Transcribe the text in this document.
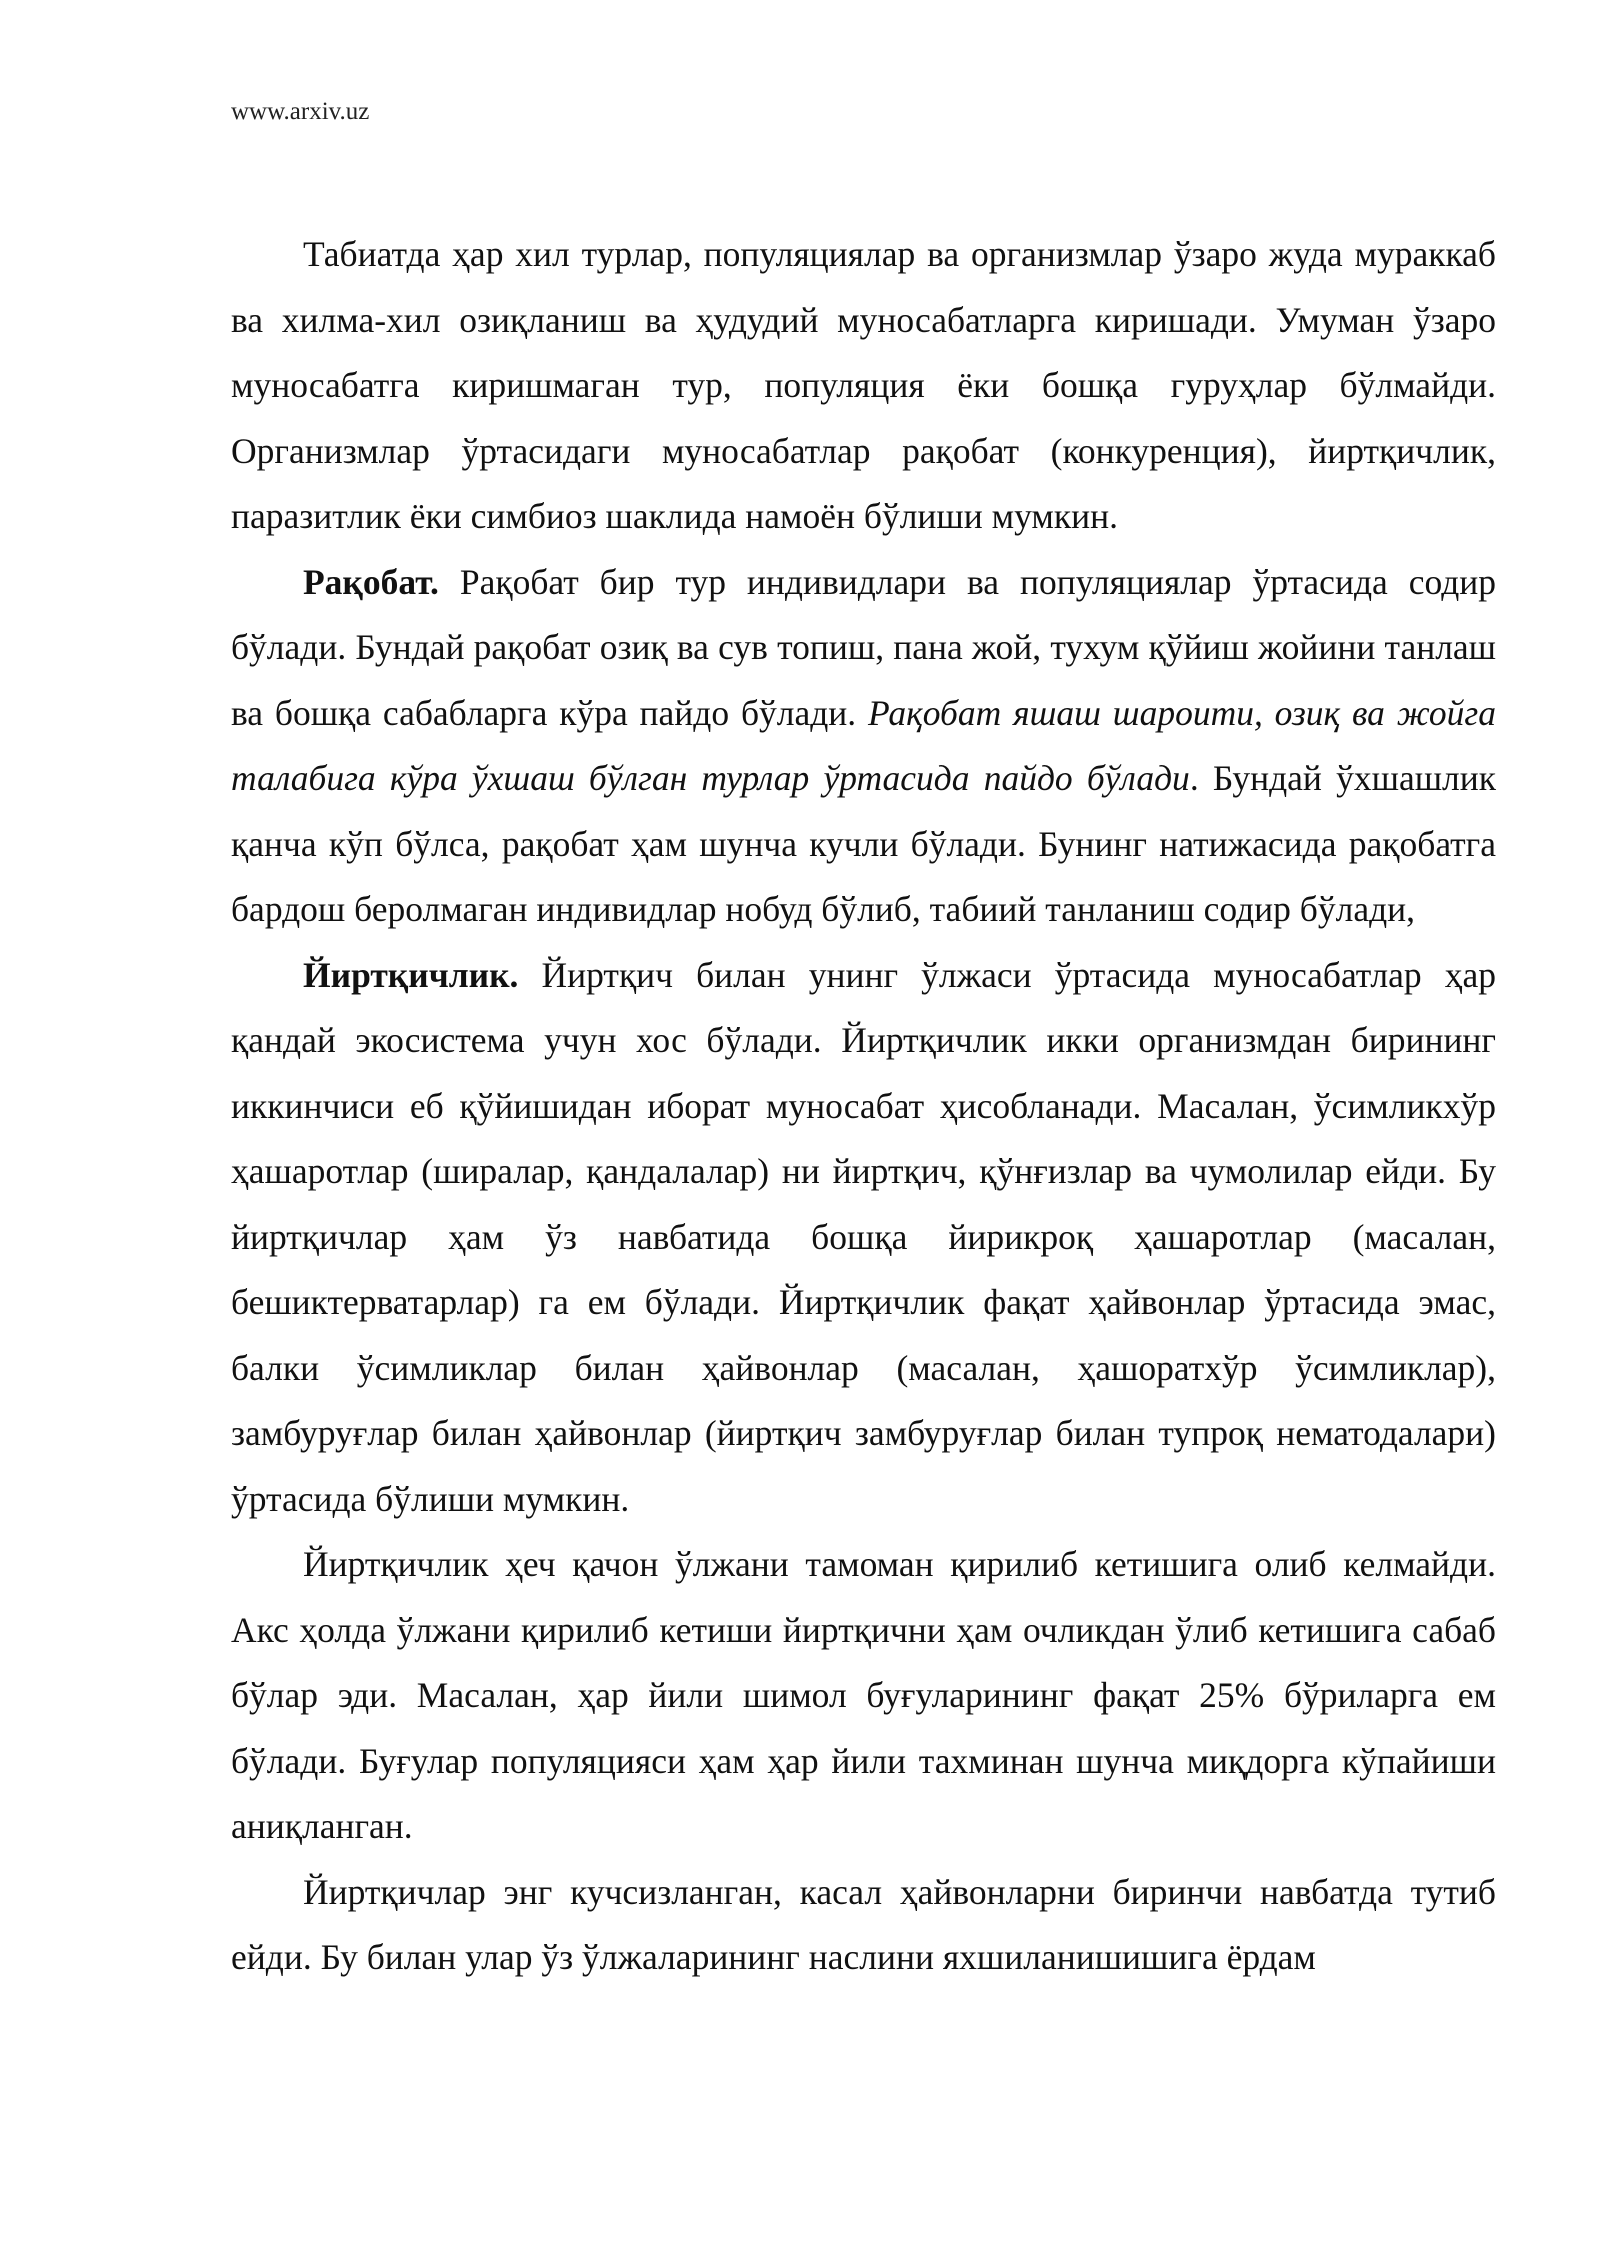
www.arxiv.uz

Табиатда ҳар хил турлар, популяциялар ва организмлар ўзаро жуда мураккаб ва хилма-хил озиқланиш ва ҳудудий муносабатларга киришади. Умуман ўзаро муносабатга киришмаган тур, популяция ёки бошқа гуруҳлар бўлмайди. Организмлар ўртасидаги муносабатлар рақобат (конкуренция), йиртқичлик, паразитлик ёки симбиоз шаклида намоён бўлиши мумкин.

Рақобат. Рақобат бир тур индивидлари ва популяциялар ўртасида содир бўлади. Бундай рақобат озиқ ва сув топиш, пана жой, тухум қўйиш жойини танлаш ва бошқа сабабларга кўра пайдо бўлади. Рақобат яшаш шароити, озиқ ва жойга талабига кўра ўхшаш бўлган турлар ўртасида пайдо бўлади. Бундай ўхшашлик қанча кўп бўлса, рақобат ҳам шунча кучли бўлади. Бунинг натижасида рақобатга бардош беролмаган индивидлар нобуд бўлиб, табиий танланиш содир бўлади,

Йиртқичлик. Йиртқич билан унинг ўлжаси ўртасида муносабатлар ҳар қандай экосистема учун хос бўлади. Йиртқичлик икки организмдан бирининг иккинчиси еб қўйишидан иборат муносабат ҳисобланади. Масалан, ўсимликхўр ҳашаротлар (ширалар, қандалалар) ни йиртқич, қўнғизлар ва чумолилар ейди. Бу йиртқичлар ҳам ўз навбатида бошқа йирикроқ ҳашаротлар (масалан, бешиктерватарлар) га ем бўлади. Йиртқичлик фақат ҳайвонлар ўртасида эмас, балки ўсимликлар билан ҳайвонлар (масалан, ҳашоратхўр ўсимликлар), замбуруғлар билан ҳайвонлар (йиртқич замбуруғлар билан тупроқ нематодалари) ўртасида бўлиши мумкин.

Йиртқичлик ҳеч қачон ўлжани тамоман қирилиб кетишига олиб келмайди. Акс ҳолда ўлжани қирилиб кетиши йиртқични ҳам очликдан ўлиб кетишига сабаб бўлар эди. Масалан, ҳар йили шимол буғуларининг фақат 25% бўриларга ем бўлади. Буғулар популяцияси ҳам ҳар йили тахминан шунча миқдорга кўпайиши аниқланган.

Йиртқичлар энг кучсизланган, касал ҳайвонларни биринчи навбатда тутиб ейди. Бу билан улар ўз ўлжаларининг наслини яхшиланишишига ёрдам
